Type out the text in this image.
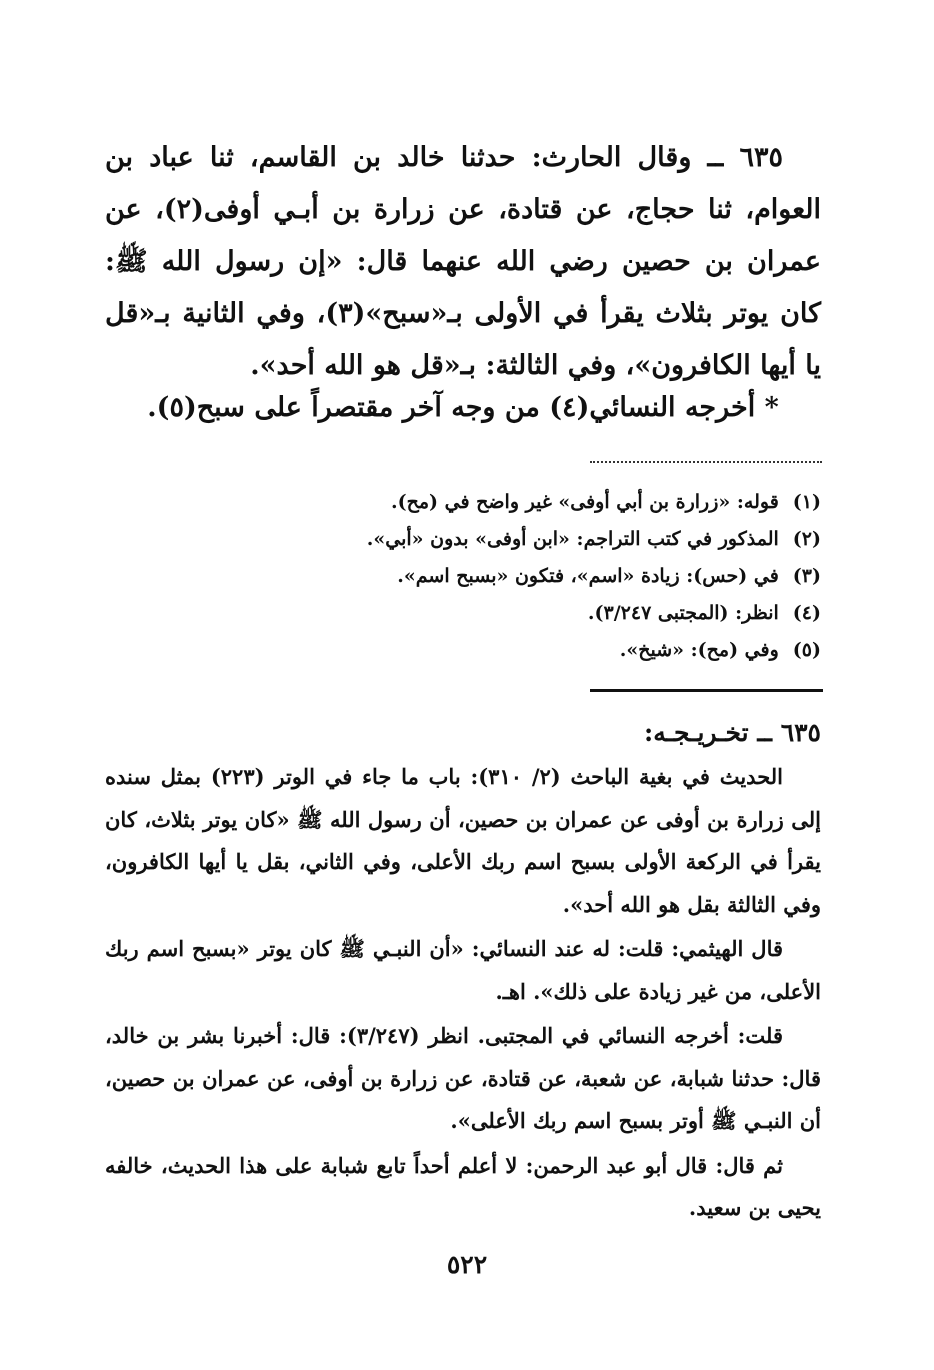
٦٣٥ ــ وقال الحارث: حدثنا خالد بن القاسم، ثنا عباد بن العوام، ثنا حجاج، عن قتادة، عن زرارة بن أبـي أوفى(٢)، عن عمران بن حصين رضي الله عنهما قال: «إن رسول الله ﷺ: كان يوتر بثلاث يقرأ في الأولى بـ«سبح»(٣)، وفي الثانية بـ«قل يا أيها الكافرون»، وفي الثالثة: بـ«قل هو الله أحد».

* أخرجه النسائي(٤) من وجه آخر مقتصراً على سبح(٥).
(١)قوله: «زرارة بن أبي أوفى» غير واضح في (مح).
(٢)المذكور في كتب التراجم: «ابن أوفى» بدون «أبي».
(٣)في (حس): زيادة «اسم»، فتكون «بسبح اسم».
(٤)انظر: (المجتبى ٣/٢٤٧).
(٥)وفي (مح): «شيخ».
٦٣٥ ــ تخـريـجـه:

الحديث في بغية الباحث (٢/ ٣١٠): باب ما جاء في الوتر (٢٢٣) بمثل سنده إلى زرارة بن أوفى عن عمران بن حصين، أن رسول الله ﷺ «كان يوتر بثلاث، كان يقرأ في الركعة الأولى بسبح اسم ربك الأعلى، وفي الثاني، بقل يا أيها الكافرون، وفي الثالثة بقل هو الله أحد».

قال الهيثمي: قلت: له عند النسائي: «أن النبـي ﷺ كان يوتر «بسبح اسم ربك الأعلى، من غير زيادة على ذلك». اهـ.

قلت: أخرجه النسائي في المجتبى. انظر (٣/٢٤٧): قال: أخبرنا بشر بن خالد، قال: حدثنا شبابة، عن شعبة، عن قتادة، عن زرارة بن أوفى، عن عمران بن حصين، أن النبـي ﷺ أوتر بسبح اسم ربك الأعلى».

ثم قال: قال أبو عبد الرحمن: لا أعلم أحداً تابع شبابة على هذا الحديث، خالفه يحيى بن سعيد.

٥٢٢
